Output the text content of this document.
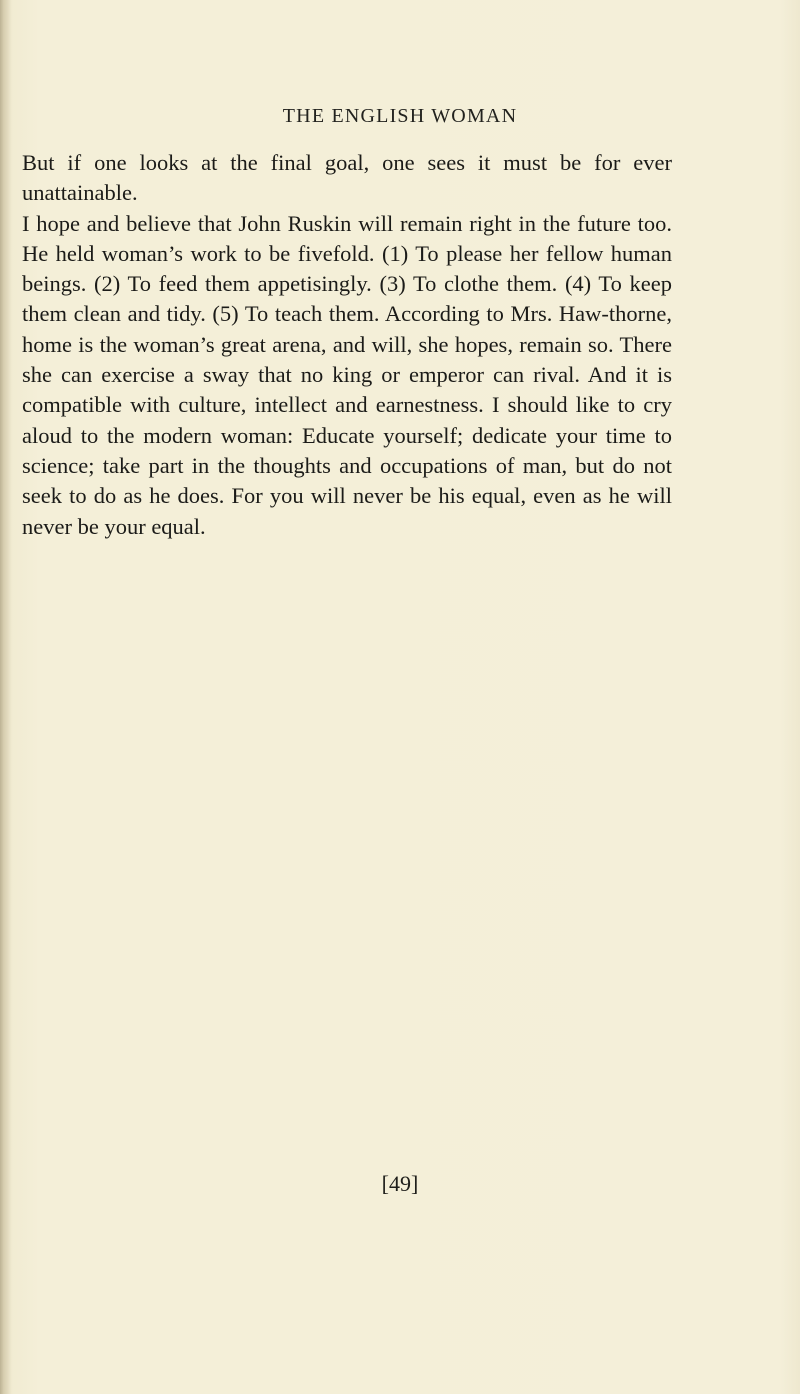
THE ENGLISH WOMAN

But if one looks at the final goal, one sees it must be for ever unattainable.

I hope and believe that John Ruskin will remain right in the future too. He held woman’s work to be fivefold. (1) To please her fellow human beings. (2) To feed them appetisingly. (3) To clothe them. (4) To keep them clean and tidy. (5) To teach them. According to Mrs. Haw-thorne, home is the woman’s great arena, and will, she hopes, remain so. There she can exercise a sway that no king or emperor can rival. And it is compatible with culture, intellect and earnestness. I should like to cry aloud to the modern woman: Educate yourself; dedicate your time to science; take part in the thoughts and occupations of man, but do not seek to do as he does. For you will never be his equal, even as he will never be your equal.

[49]
